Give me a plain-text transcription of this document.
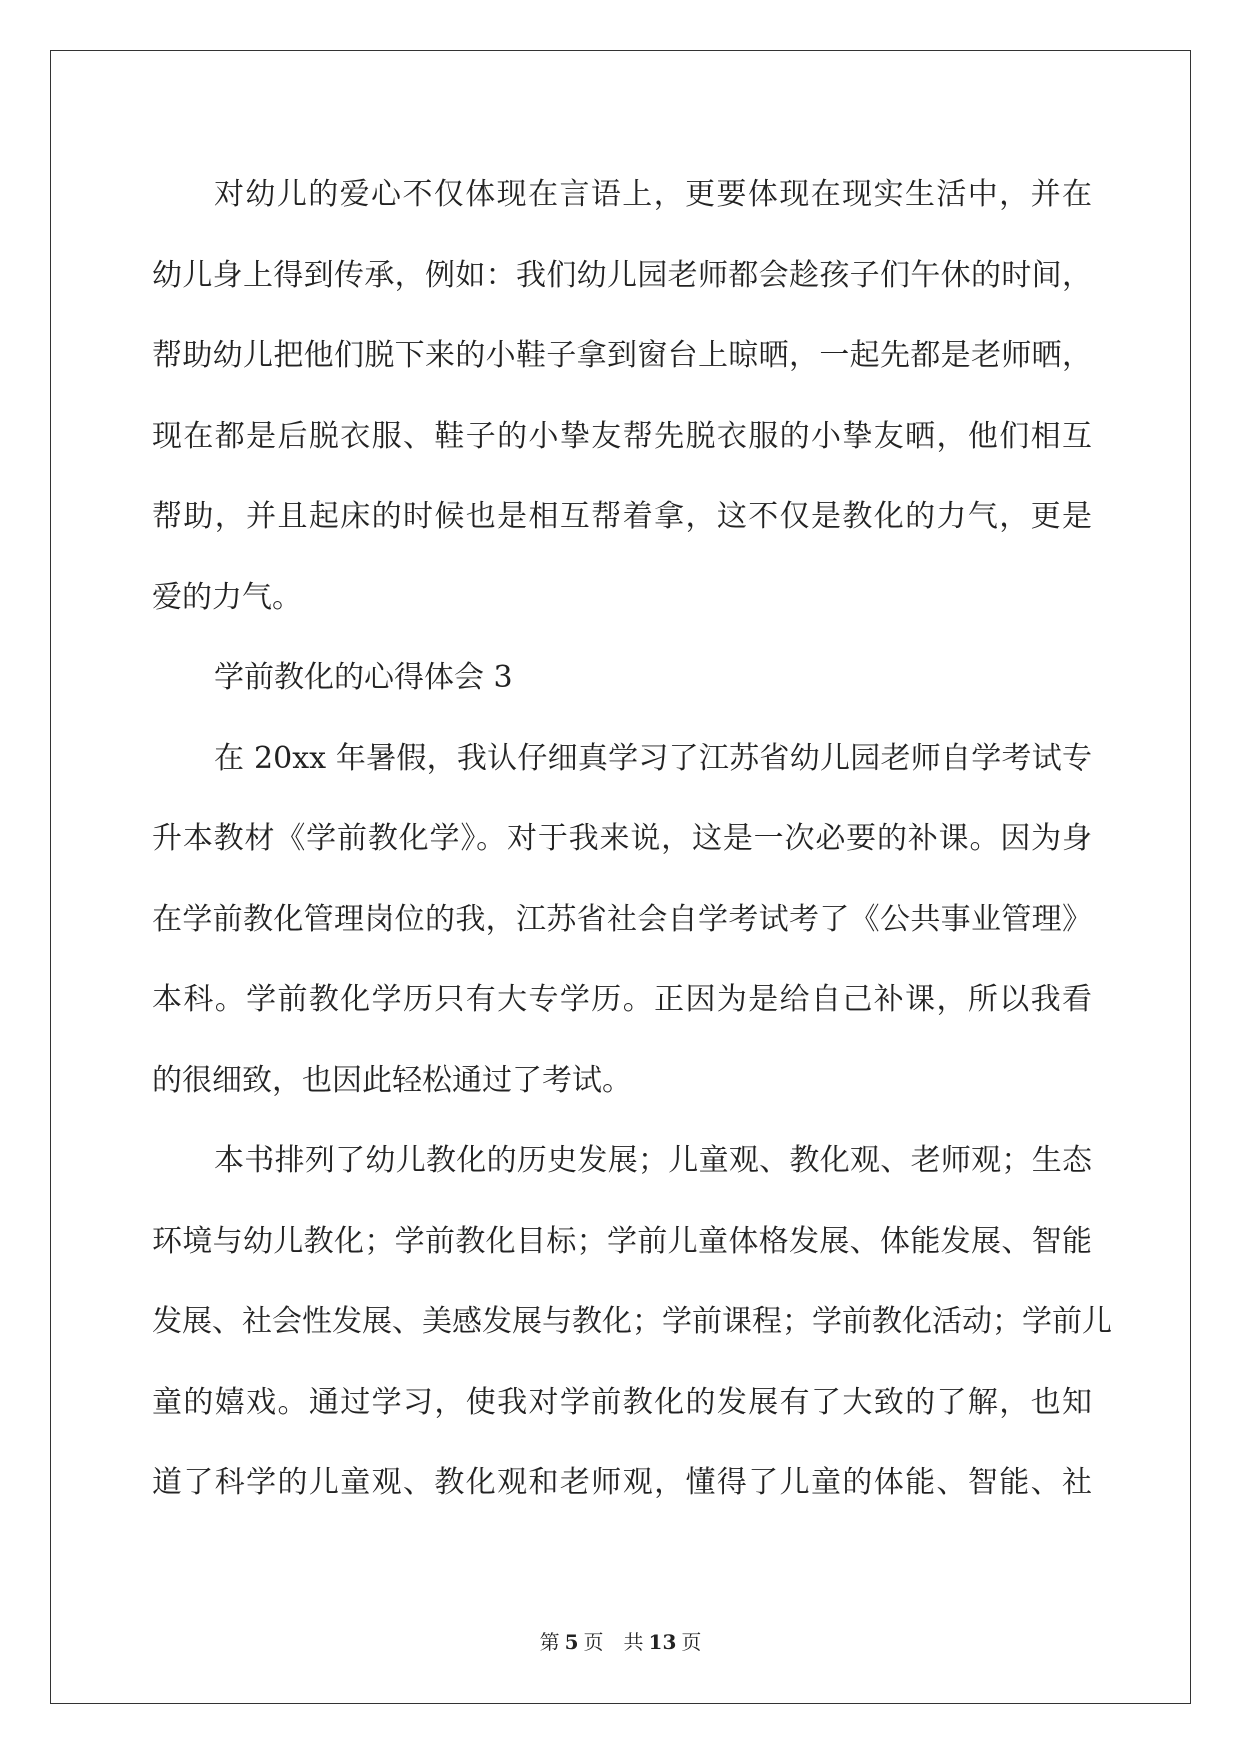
对幼儿的爱心不仅体现在言语上，更要体现在现实生活中，并在
幼儿身上得到传承，例如：我们幼儿园老师都会趁孩子们午休的时间，
帮助幼儿把他们脱下来的小鞋子拿到窗台上晾晒，一起先都是老师晒，
现在都是后脱衣服、鞋子的小挚友帮先脱衣服的小挚友晒，他们相互
帮助，并且起床的时候也是相互帮着拿，这不仅是教化的力气，更是
爱的力气。

学前教化的心得体会 3

在 20xx 年暑假，我认仔细真学习了江苏省幼儿园老师自学考试专
升本教材《学前教化学》。对于我来说，这是一次必要的补课。因为身
在学前教化管理岗位的我，江苏省社会自学考试考了《公共事业管理》
本科。学前教化学历只有大专学历。正因为是给自己补课，所以我看
的很细致，也因此轻松通过了考试。

本书排列了幼儿教化的历史发展；儿童观、教化观、老师观；生态
环境与幼儿教化；学前教化目标；学前儿童体格发展、体能发展、智能
发展、社会性发展、美感发展与教化；学前课程；学前教化活动；学前儿
童的嬉戏。通过学习，使我对学前教化的发展有了大致的了解，也知
道了科学的儿童观、教化观和老师观，懂得了儿童的体能、智能、社

第 5 页 共 13 页
